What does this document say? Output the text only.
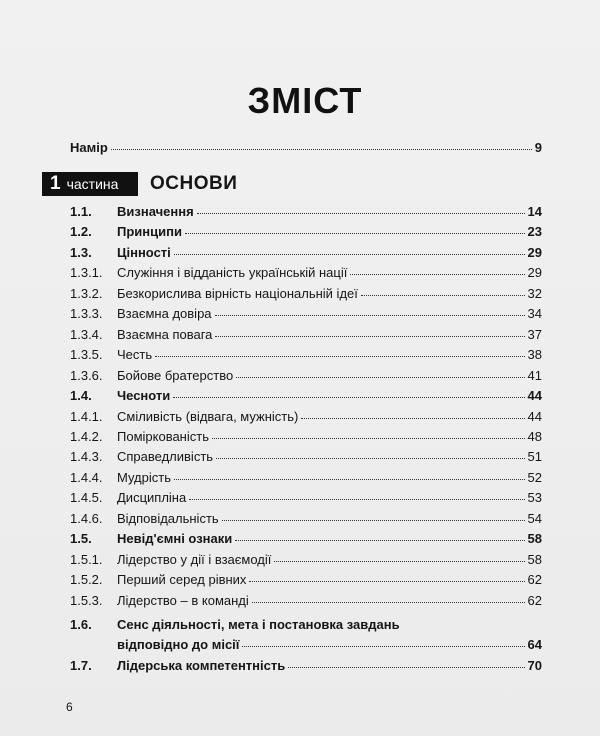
ЗМІСТ
Намір	9
1 частина ОСНОВИ
1.1. Визначення	14
1.2. Принципи	23
1.3. Цінності	29
1.3.1. Служіння і відданість українській нації	29
1.3.2. Безкорислива вірність національній ідеї	32
1.3.3. Взаємна довіра	34
1.3.4. Взаємна повага	37
1.3.5. Честь	38
1.3.6. Бойове братерство	41
1.4. Чесноти	44
1.4.1. Сміливість (відвага, мужність)	44
1.4.2. Поміркованість	48
1.4.3. Справедливість	51
1.4.4. Мудрість	52
1.4.5. Дисципліна	53
1.4.6. Відповідальність	54
1.5. Невід'ємні ознаки	58
1.5.1. Лідерство у дії і взаємодії	58
1.5.2. Перший серед рівних	62
1.5.3. Лідерство – в команді	62
1.6. Сенс діяльності, мета і постановка завдань
відповідно до місії	64
1.7. Лідерська компетентність	70
6
